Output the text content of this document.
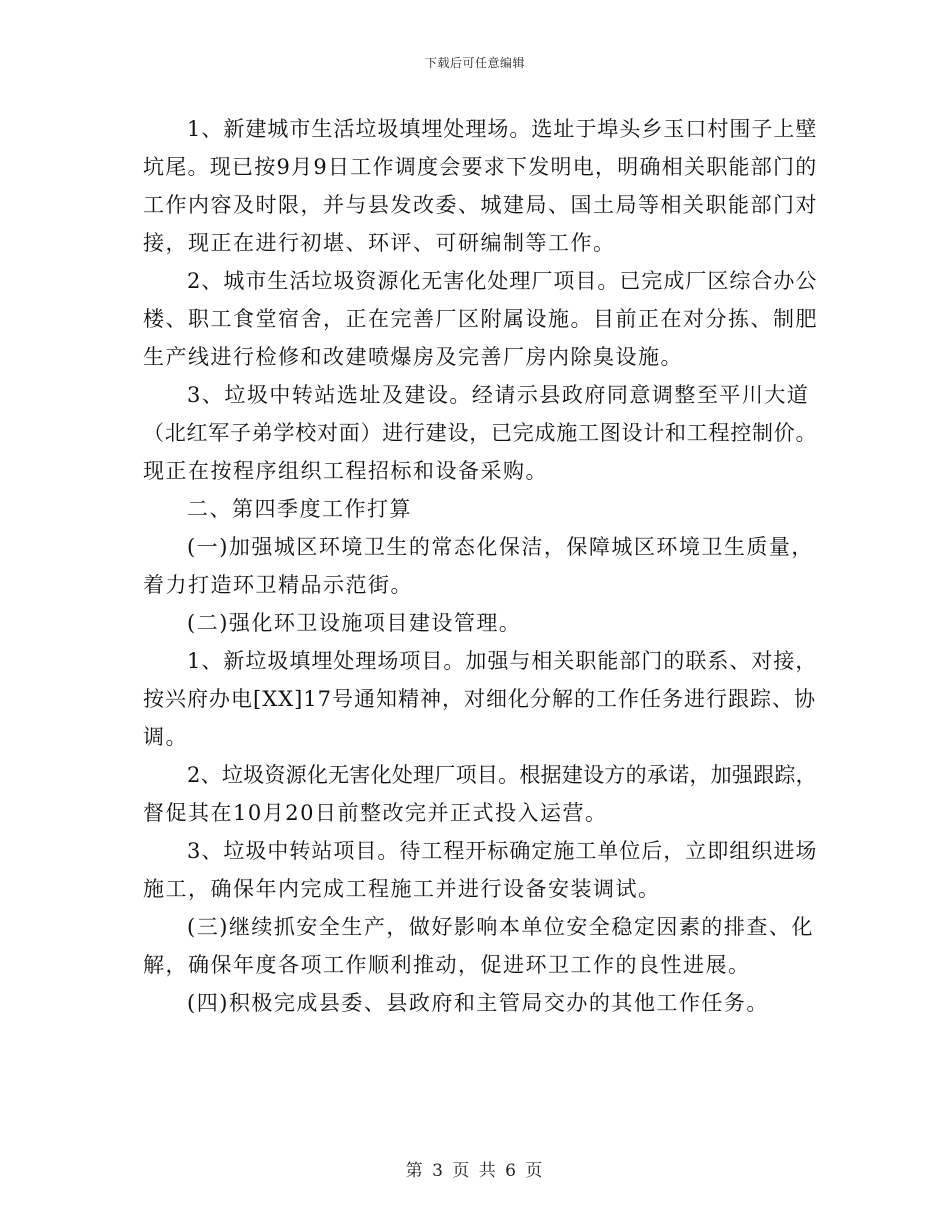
下载后可任意编辑
1、新建城市生活垃圾填埋处理场。选址于埠头乡玉口村围子上壁
坑尾。现已按9月9日工作调度会要求下发明电，明确相关职能部门的
工作内容及时限，并与县发改委、城建局、国土局等相关职能部门对
接，现正在进行初堪、环评、可研编制等工作。
2、城市生活垃圾资源化无害化处理厂项目。已完成厂区综合办公
楼、职工食堂宿舍，正在完善厂区附属设施。目前正在对分拣、制肥
生产线进行检修和改建喷爆房及完善厂房内除臭设施。
3、垃圾中转站选址及建设。经请示县政府同意调整至平川大道
（北红军子弟学校对面）进行建设，已完成施工图设计和工程控制价。
现正在按程序组织工程招标和设备采购。
二、第四季度工作打算
(一)加强城区环境卫生的常态化保洁，保障城区环境卫生质量，
着力打造环卫精品示范街。
(二)强化环卫设施项目建设管理。
1、新垃圾填埋处理场项目。加强与相关职能部门的联系、对接，
按兴府办电[XX]17号通知精神，对细化分解的工作任务进行跟踪、协
调。
2、垃圾资源化无害化处理厂项目。根据建设方的承诺，加强跟踪，
督促其在10月20日前整改完并正式投入运营。
3、垃圾中转站项目。待工程开标确定施工单位后，立即组织进场
施工，确保年内完成工程施工并进行设备安装调试。
(三)继续抓安全生产，做好影响本单位安全稳定因素的排查、化
解，确保年度各项工作顺利推动，促进环卫工作的良性进展。
(四)积极完成县委、县政府和主管局交办的其他工作任务。
第 3 页 共 6 页
